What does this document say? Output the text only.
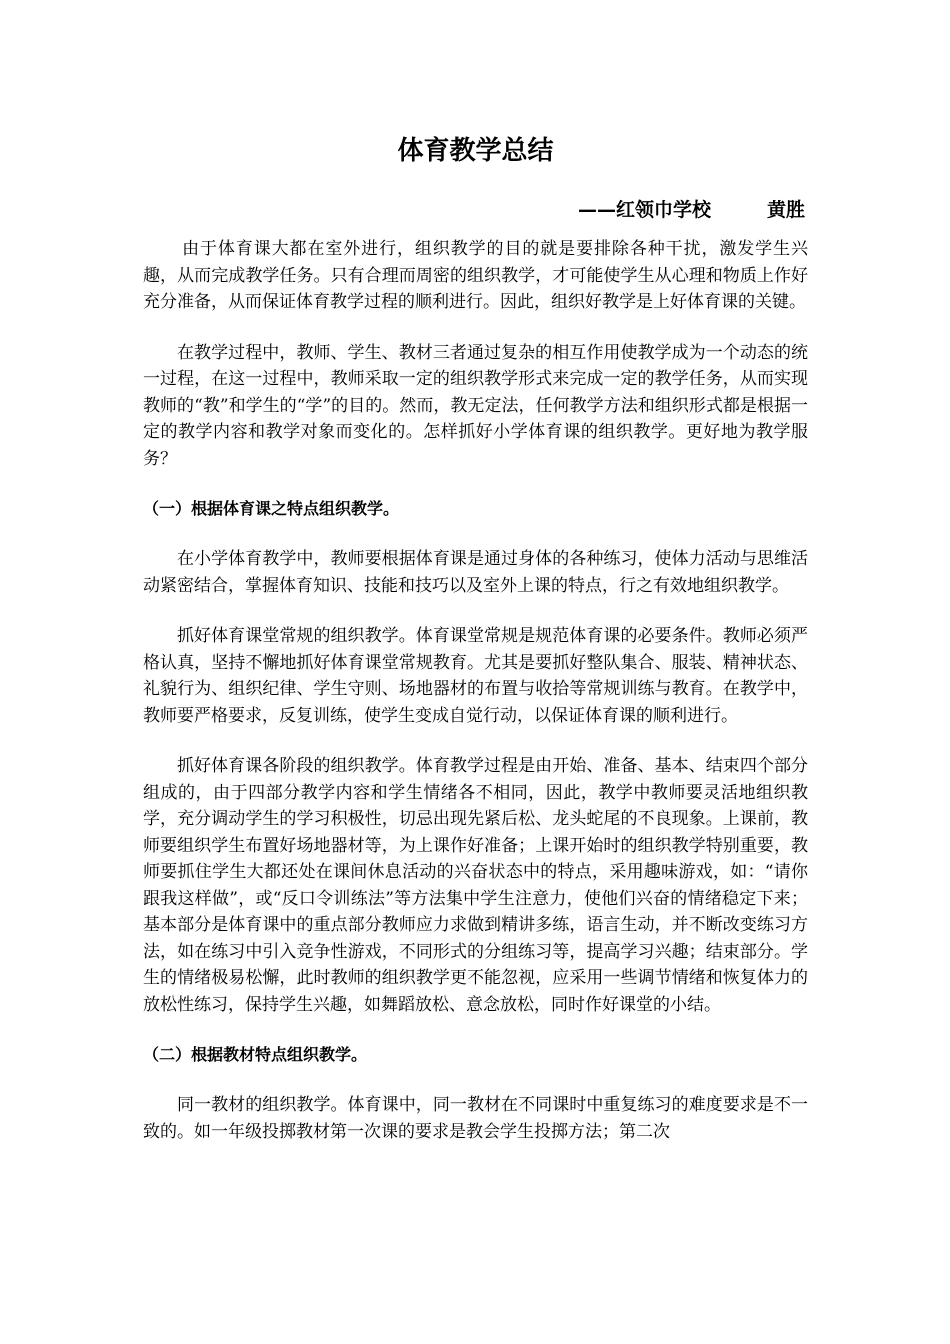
体育教学总结
——红领巾学校	黄胜

由于体育课大都在室外进行，组织教学的目的就是要排除各种干扰，激发学生兴趣，从而完成教学任务。只有合理而周密的组织教学，才可能使学生从心理和物质上作好充分准备，从而保证体育教学过程的顺利进行。因此，组织好教学是上好体育课的关键。

在教学过程中，教师、学生、教材三者通过复杂的相互作用使教学成为一个动态的统一过程，在这一过程中，教师采取一定的组织教学形式来完成一定的教学任务，从而实现教师的“教”和学生的“学”的目的。然而，教无定法，任何教学方法和组织形式都是根据一定的教学内容和教学对象而变化的。怎样抓好小学体育课的组织教学。更好地为教学服务？

（一）根据体育课之特点组织教学。

在小学体育教学中，教师要根据体育课是通过身体的各种练习，使体力活动与思维活动紧密结合，掌握体育知识、技能和技巧以及室外上课的特点，行之有效地组织教学。

抓好体育课堂常规的组织教学。体育课堂常规是规范体育课的必要条件。教师必须严格认真，坚持不懈地抓好体育课堂常规教育。尤其是要抓好整队集合、服装、精神状态、礼貌行为、组织纪律、学生守则、场地器材的布置与收拾等常规训练与教育。在教学中，教师要严格要求，反复训练，使学生变成自觉行动，以保证体育课的顺利进行。

抓好体育课各阶段的组织教学。体育教学过程是由开始、准备、基本、结束四个部分组成的，由于四部分教学内容和学生情绪各不相同，因此，教学中教师要灵活地组织教学，充分调动学生的学习积极性，切忌出现先紧后松、龙头蛇尾的不良现象。上课前，教师要组织学生布置好场地器材等，为上课作好准备；上课开始时的组织教学特别重要，教师要抓住学生大都还处在课间休息活动的兴奋状态中的特点，采用趣味游戏，如：“请你跟我这样做”，或“反口令训练法”等方法集中学生注意力，使他们兴奋的情绪稳定下来；基本部分是体育课中的重点部分教师应力求做到精讲多练，语言生动，并不断改变练习方法，如在练习中引入竞争性游戏，不同形式的分组练习等，提高学习兴趣；结束部分。学生的情绪极易松懈，此时教师的组织教学更不能忽视，应采用一些调节情绪和恢复体力的放松性练习，保持学生兴趣，如舞蹈放松、意念放松，同时作好课堂的小结。

（二）根据教材特点组织教学。

同一教材的组织教学。体育课中，同一教材在不同课时中重复练习的难度要求是不一致的。如一年级投掷教材第一次课的要求是教会学生投掷方法；第二次
